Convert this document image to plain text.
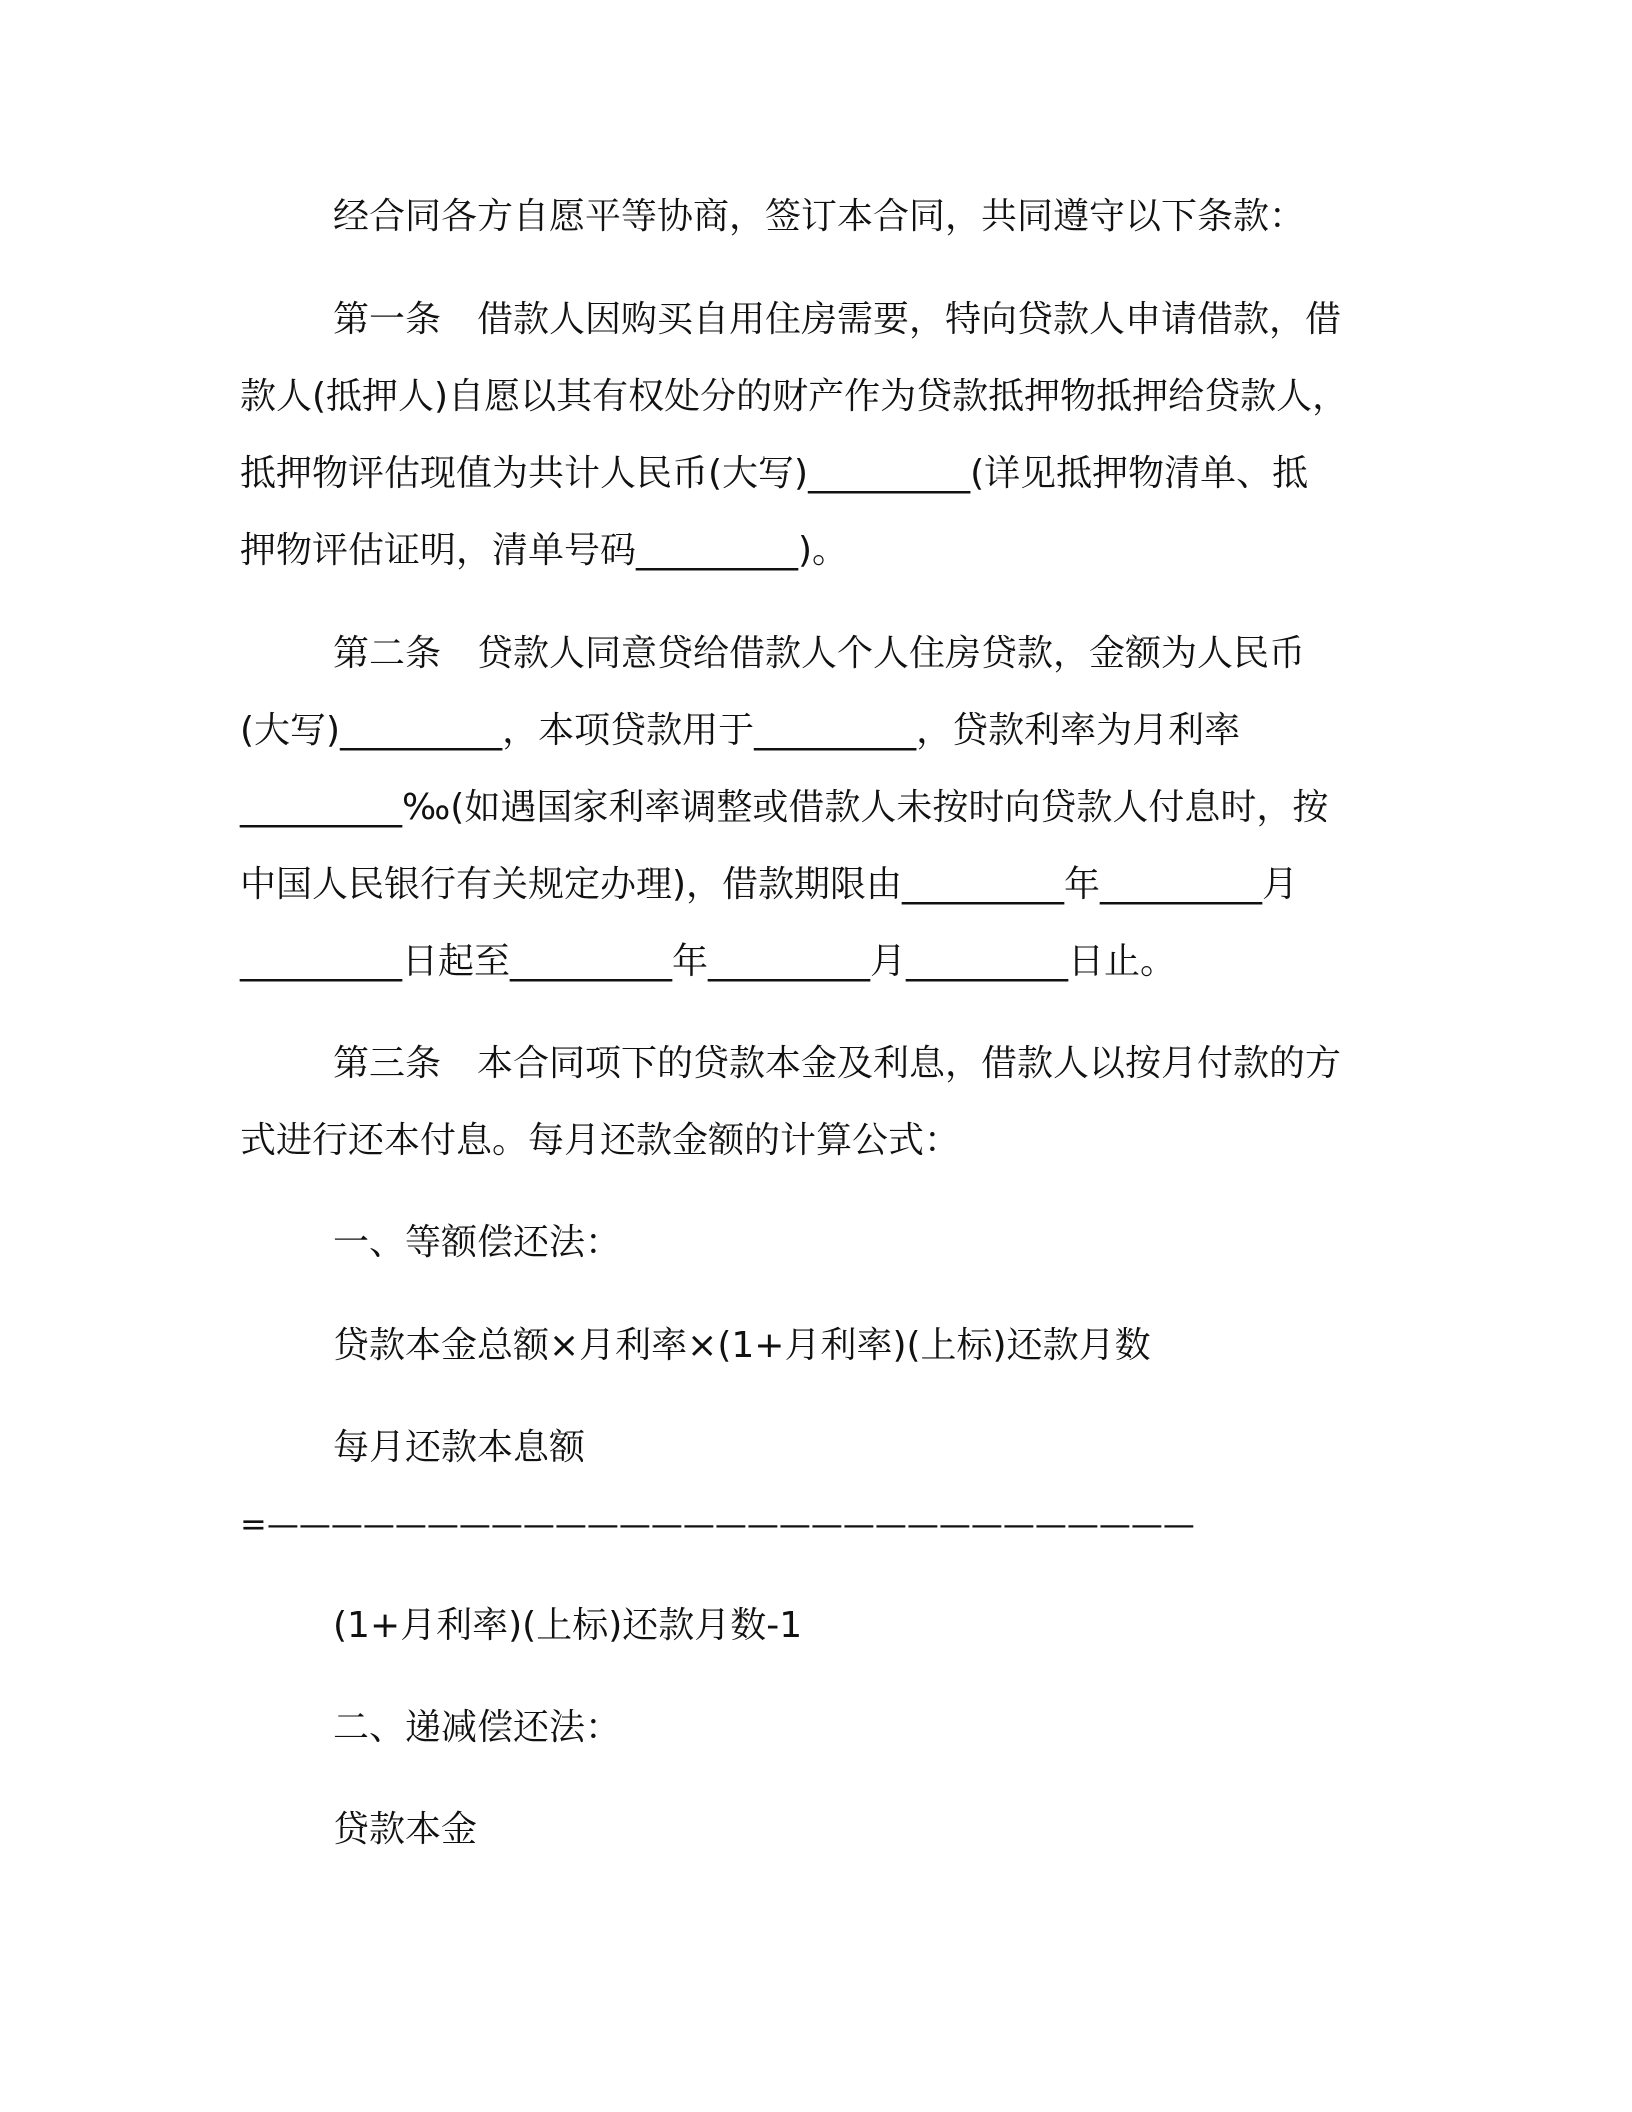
经合同各方自愿平等协商，签订本合同，共同遵守以下条款：
第一条　借款人因购买自用住房需要，特向贷款人申请借款，借
款人(抵押人)自愿以其有权处分的财产作为贷款抵押物抵押给贷款人，
抵押物评估现值为共计人民币(大写)_________(详见抵押物清单、抵
押物评估证明，清单号码_________)。
第二条　贷款人同意贷给借款人个人住房贷款，金额为人民币
(大写)_________，本项贷款用于_________，贷款利率为月利率
_________‰(如遇国家利率调整或借款人未按时向贷款人付息时，按
中国人民银行有关规定办理)，借款期限由_________年_________月
_________日起至_________年_________月_________日止。
第三条　本合同项下的贷款本金及利息，借款人以按月付款的方
式进行还本付息。每月还款金额的计算公式：
一、等额偿还法：
贷款本金总额×月利率×(1+月利率)(上标)还款月数
每月还款本息额
=—————————————————————————————
(1+月利率)(上标)还款月数-1
二、递减偿还法：
贷款本金
